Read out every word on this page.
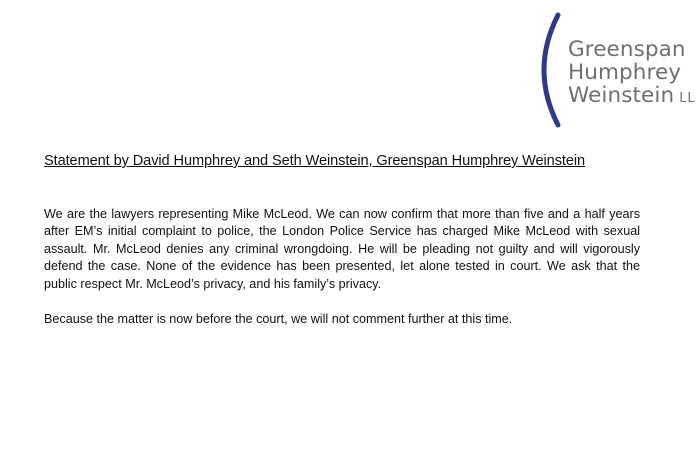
Greenspan
Humphrey
Weinstein LL
Statement by David Humphrey and Seth Weinstein, Greenspan Humphrey Weinstein

We are the lawyers representing Mike McLeod. We can now confirm that more than five and a half years after EM’s initial complaint to police, the London Police Service has charged Mike McLeod with sexual assault. Mr. McLeod denies any criminal wrongdoing. He will be pleading not guilty and will vigorously defend the case. None of the evidence has been presented, let alone tested in court. We ask that the public respect Mr. McLeod’s privacy, and his family’s privacy.

Because the matter is now before the court, we will not comment further at this time.
